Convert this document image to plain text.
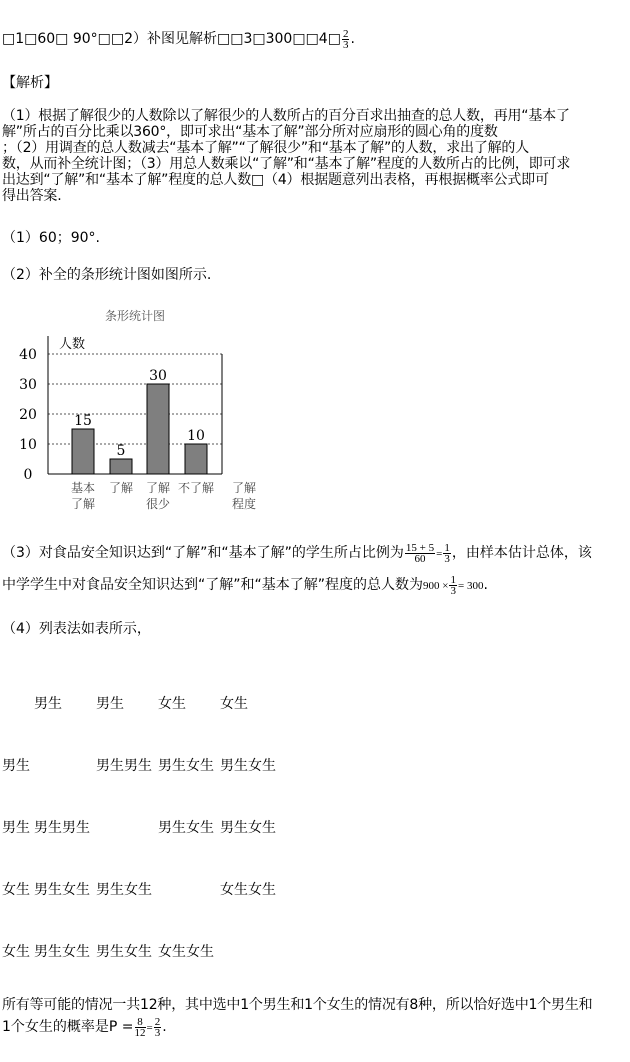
□1□60□ 90°□□2）补图见解析□□3□300□□4□ $\frac{2}{3}$ .
【解析】
（1）根据了解很少的人数除以了解很少的人数所占的百分百求出抽查的总人数，再用“基本了
解”所占的百分比乘以360°，即可求出“基本了解”部分所对应扇形的圆心角的度数
；（2）用调查的总人数减去“基本了解”“了解很少”和“基本了解”的人数，求出了解的人
数，从而补全统计图；（3）用总人数乘以“了解”和“基本了解”程度的人数所占的比例，即可求
出达到“了解”和“基本了解”程度的总人数□（4）根据题意列出表格，再根据概率公式即可
得出答案.
（1）60；90°.
（2）补全的条形统计图如图所示.
条形统计图
人数
0
10
20
30
40
15
5
30
10
基本
了解
了解 了解
很少
不了解 了解
程度
（3）对食品安全知识达到“了解”和“基本了解”的学生所占比例为 $\frac{15 + 5}{60} = \frac{1}{3}$ ，由样本估计总体，该
中学学生中对食品安全知识达到“了解”和“基本了解”程度的总人数为$900 \times \frac{1}{3} = 300$.
（4）列表法如表所示，
男生 男生 女生 女生
男生	男生男生 男生女生 男生女生
男生 男生男生	男生女生 男生女生
女生 男生女生 男生女生	女生女生
女生 男生女生 男生女生 女生女生
所有等可能的情况一共12种，其中选中1个男生和1个女生的情况有8种，所以恰好选中1个男生和
1个女生的概率是$P = \frac{8}{12} = \frac{2}{3}$ .
